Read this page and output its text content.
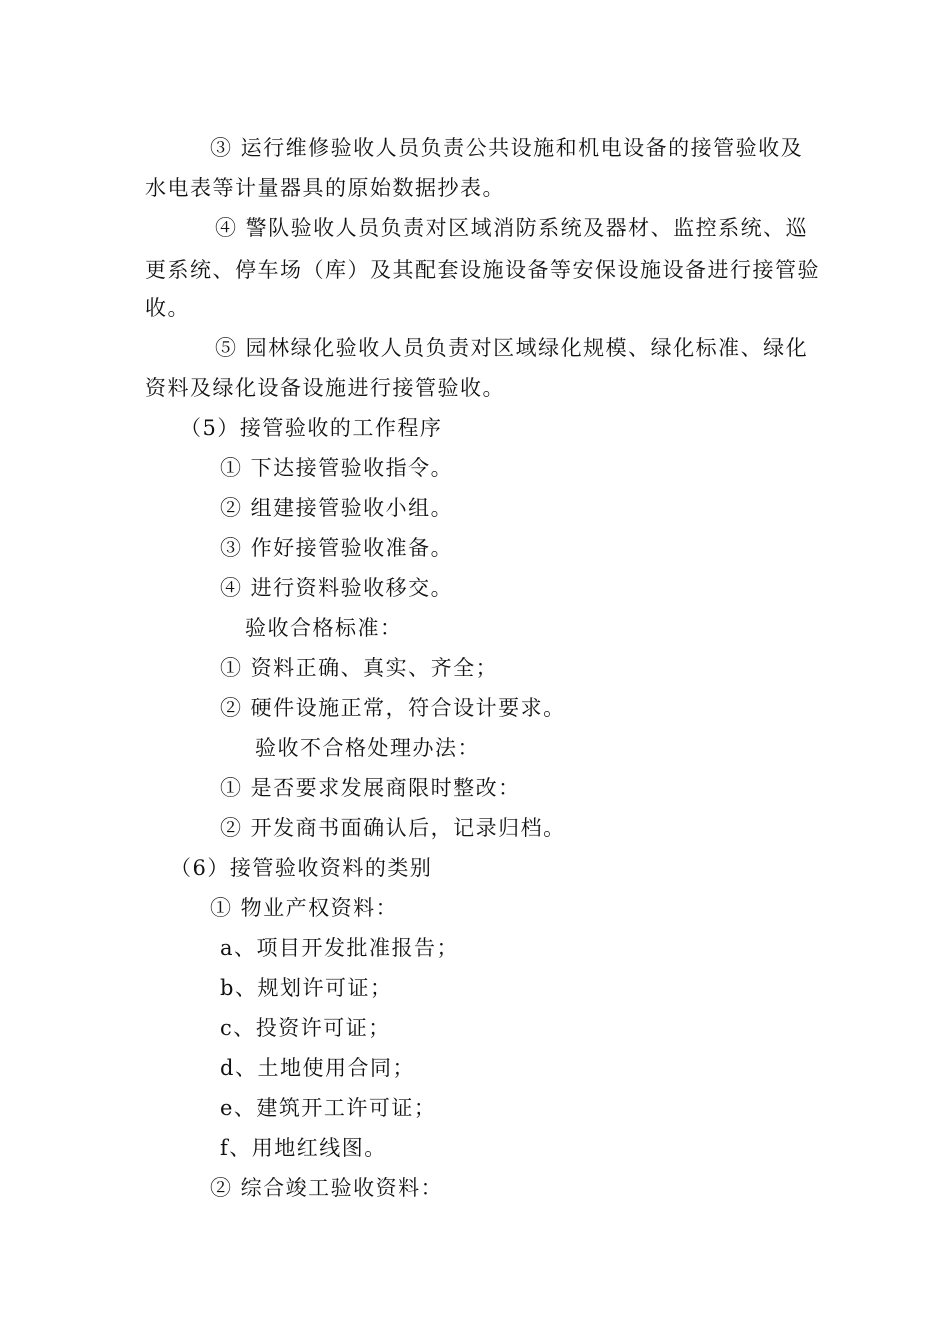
③ 运行维修验收人员负责公共设施和机电设备的接管验收及
水电表等计量器具的原始数据抄表。
④ 警队验收人员负责对区域消防系统及器材、监控系统、巡
更系统、停车场（库）及其配套设施设备等安保设施设备进行接管验
收。
⑤ 园林绿化验收人员负责对区域绿化规模、绿化标准、绿化
资料及绿化设备设施进行接管验收。
（5）接管验收的工作程序
① 下达接管验收指令。
② 组建接管验收小组。
③ 作好接管验收准备。
④ 进行资料验收移交。
验收合格标准：
① 资料正确、真实、齐全；
② 硬件设施正常，符合设计要求。
验收不合格处理办法：
① 是否要求发展商限时整改：
② 开发商书面确认后，记录归档。
（6）接管验收资料的类别
① 物业产权资料：
a、项目开发批准报告；
b、规划许可证；
c、投资许可证；
d、土地使用合同；
e、建筑开工许可证；
f、用地红线图。
② 综合竣工验收资料：
